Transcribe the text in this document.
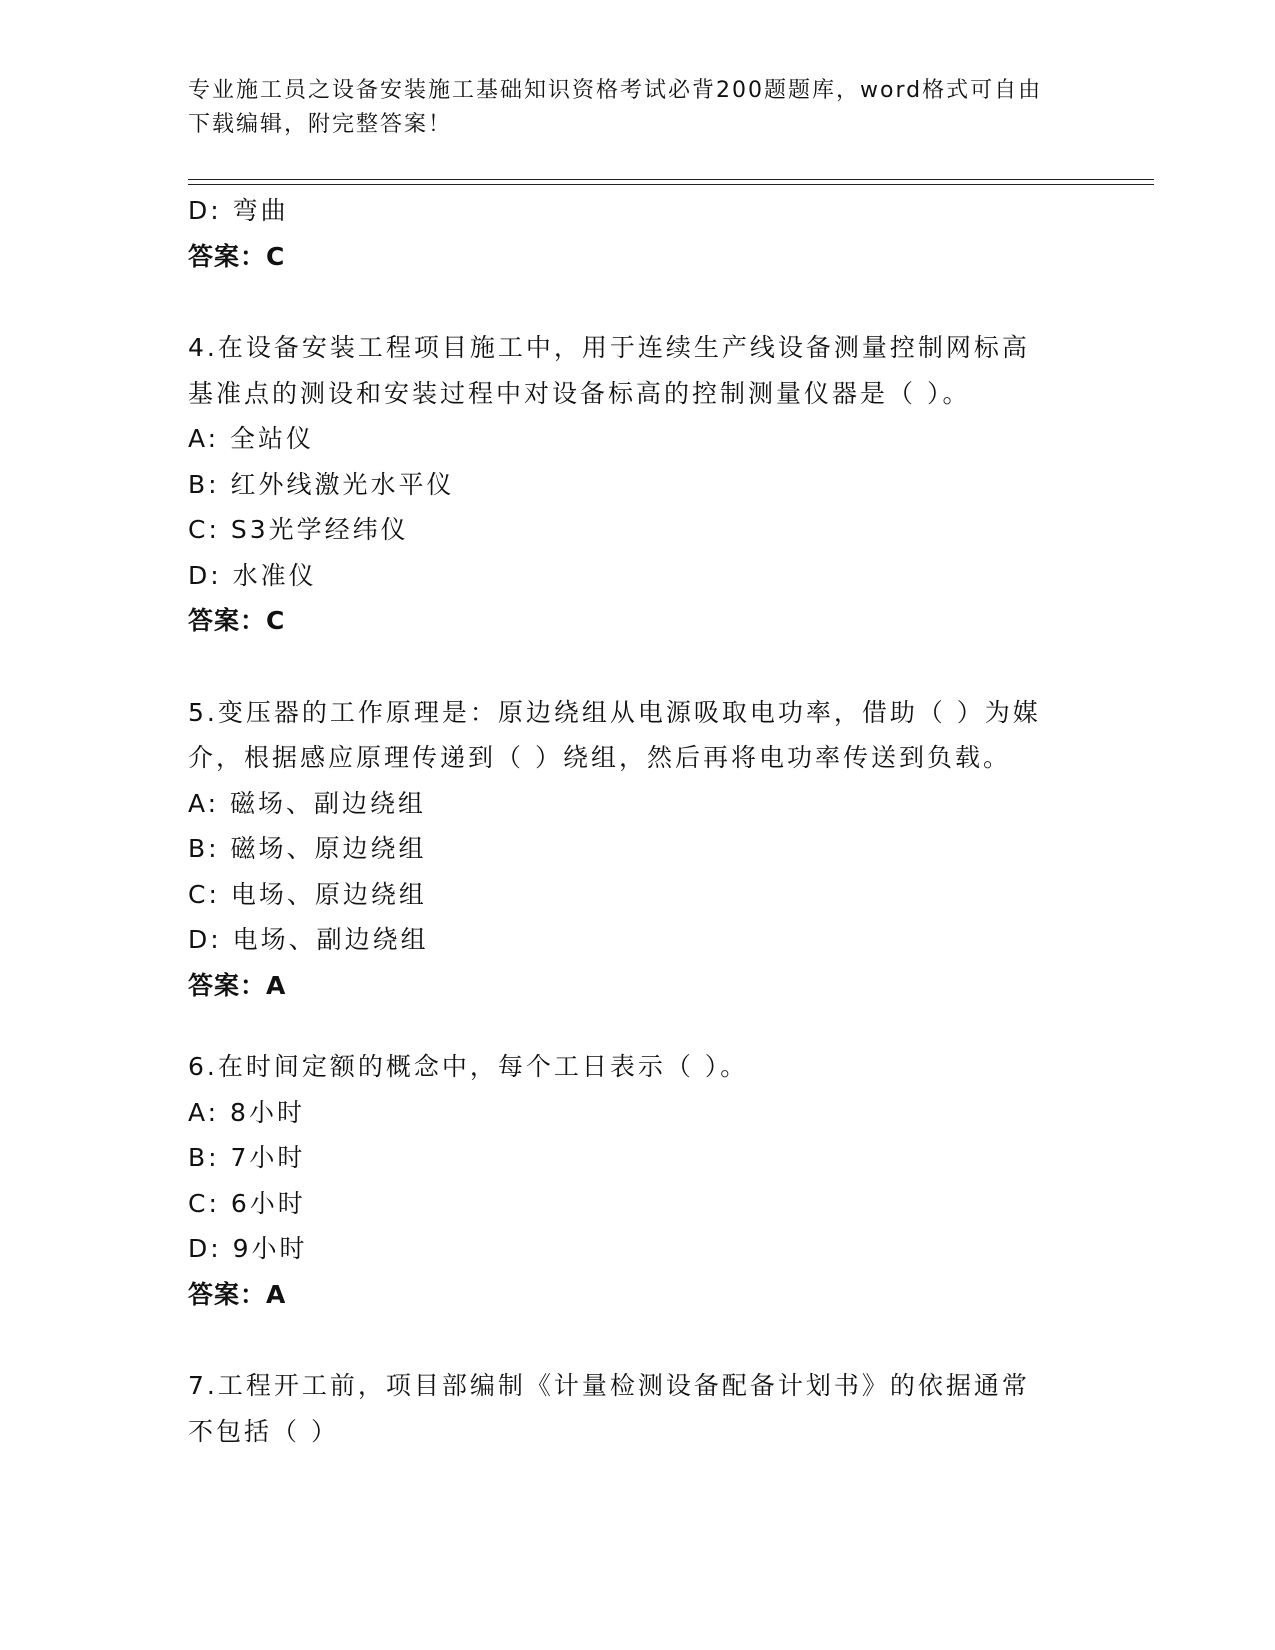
专业施工员之设备安装施工基础知识资格考试必背200题题库，word格式可自由
下载编辑，附完整答案！
D: 弯曲
答案：C
4.在设备安装工程项目施工中，用于连续生产线设备测量控制网标高
基准点的测设和安装过程中对设备标高的控制测量仪器是（ ）。
A: 全站仪
B: 红外线激光水平仪
C: S3光学经纬仪
D: 水准仪
答案：C
5.变压器的工作原理是：原边绕组从电源吸取电功率，借助（ ）为媒
介，根据感应原理传递到（ ）绕组，然后再将电功率传送到负载。
A: 磁场、副边绕组
B: 磁场、原边绕组
C: 电场、原边绕组
D: 电场、副边绕组
答案：A
6.在时间定额的概念中，每个工日表示（ ）。
A: 8小时
B: 7小时
C: 6小时
D: 9小时
答案：A
7.工程开工前，项目部编制《计量检测设备配备计划书》的依据通常
不包括（ ）
